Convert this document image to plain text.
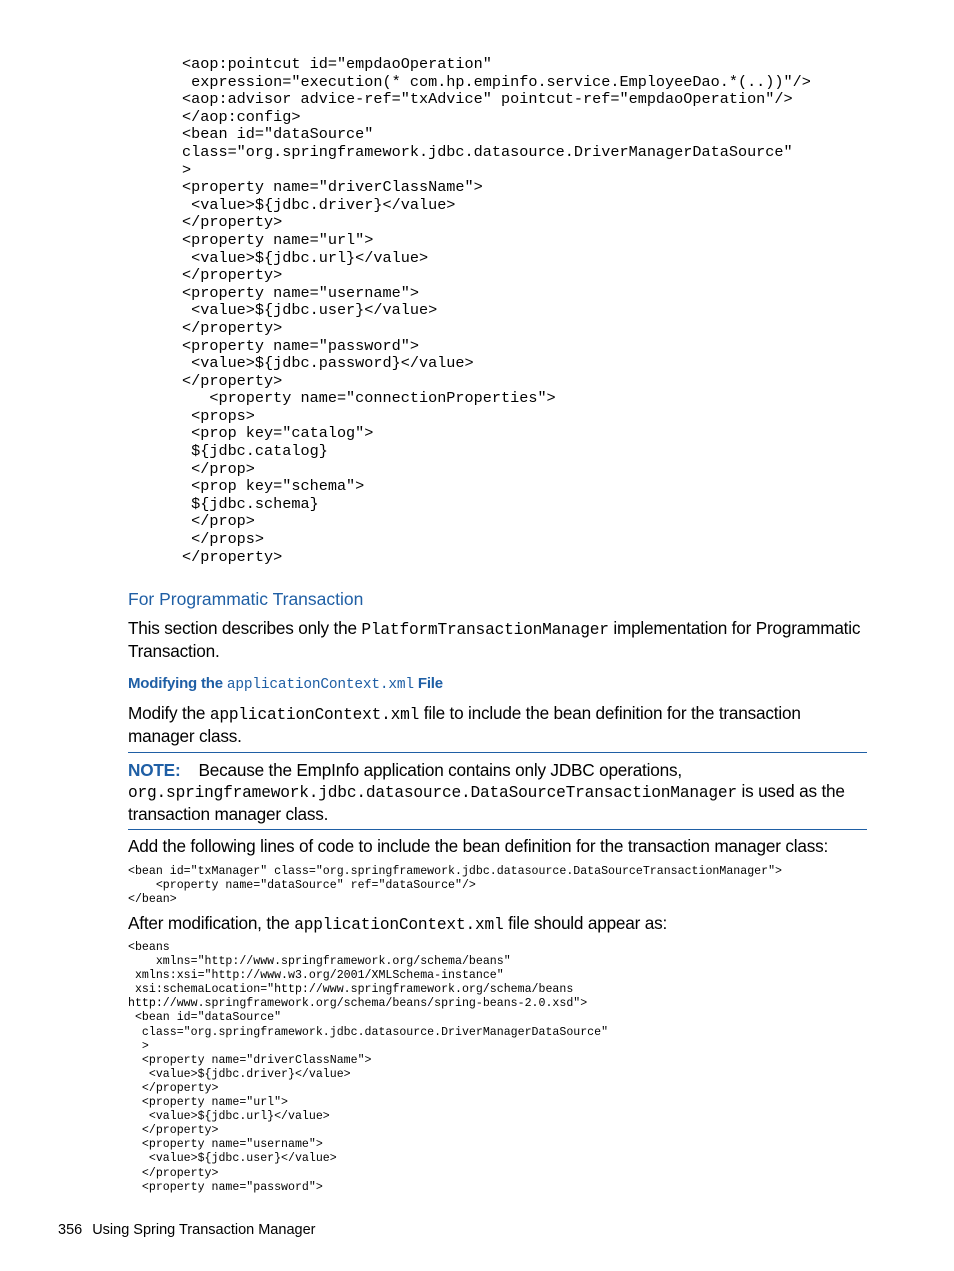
<aop:pointcut id="empdaoOperation"
expression="execution(* com.hp.empinfo.service.EmployeeDao.*(..))"/>
<aop:advisor advice-ref="txAdvice" pointcut-ref="empdaoOperation"/>
</aop:config>
<bean id="dataSource"
class="org.springframework.jdbc.datasource.DriverManagerDataSource"
>
<property name="driverClassName">
<value>${jdbc.driver}</value>
</property>
<property name="url">
<value>${jdbc.url}</value>
</property>
<property name="username">
<value>${jdbc.user}</value>
</property>
<property name="password">
<value>${jdbc.password}</value>
</property>
<property name="connectionProperties">
<props>
<prop key="catalog">
${jdbc.catalog}
</prop>
<prop key="schema">
${jdbc.schema}
</prop>
</props>
</property>
For Programmatic Transaction

This section describes only the PlatformTransactionManager implementation for Programmatic Transaction.

Modifying the applicationContext.xml File

Modify the applicationContext.xml file to include the bean definition for the transaction manager class.

NOTE: Because the EmpInfo application contains only JDBC operations, org.springframework.jdbc.datasource.DataSourceTransactionManager is used as the transaction manager class.

Add the following lines of code to include the bean definition for the transaction manager class:

<bean id="txManager" class="org.springframework.jdbc.datasource.DataSourceTransactionManager">
<property name="dataSource" ref="dataSource"/>
</bean>

After modification, the applicationContext.xml file should appear as:

<beans
xmlns="http://www.springframework.org/schema/beans"
xmlns:xsi="http://www.w3.org/2001/XMLSchema-instance"
xsi:schemaLocation="http://www.springframework.org/schema/beans
http://www.springframework.org/schema/beans/spring-beans-2.0.xsd">
<bean id="dataSource"
class="org.springframework.jdbc.datasource.DriverManagerDataSource"
>
<property name="driverClassName">
<value>${jdbc.driver}</value>
</property>
<property name="url">
<value>${jdbc.url}</value>
</property>
<property name="username">
<value>${jdbc.user}</value>
</property>
<property name="password">
356 Using Spring Transaction Manager
